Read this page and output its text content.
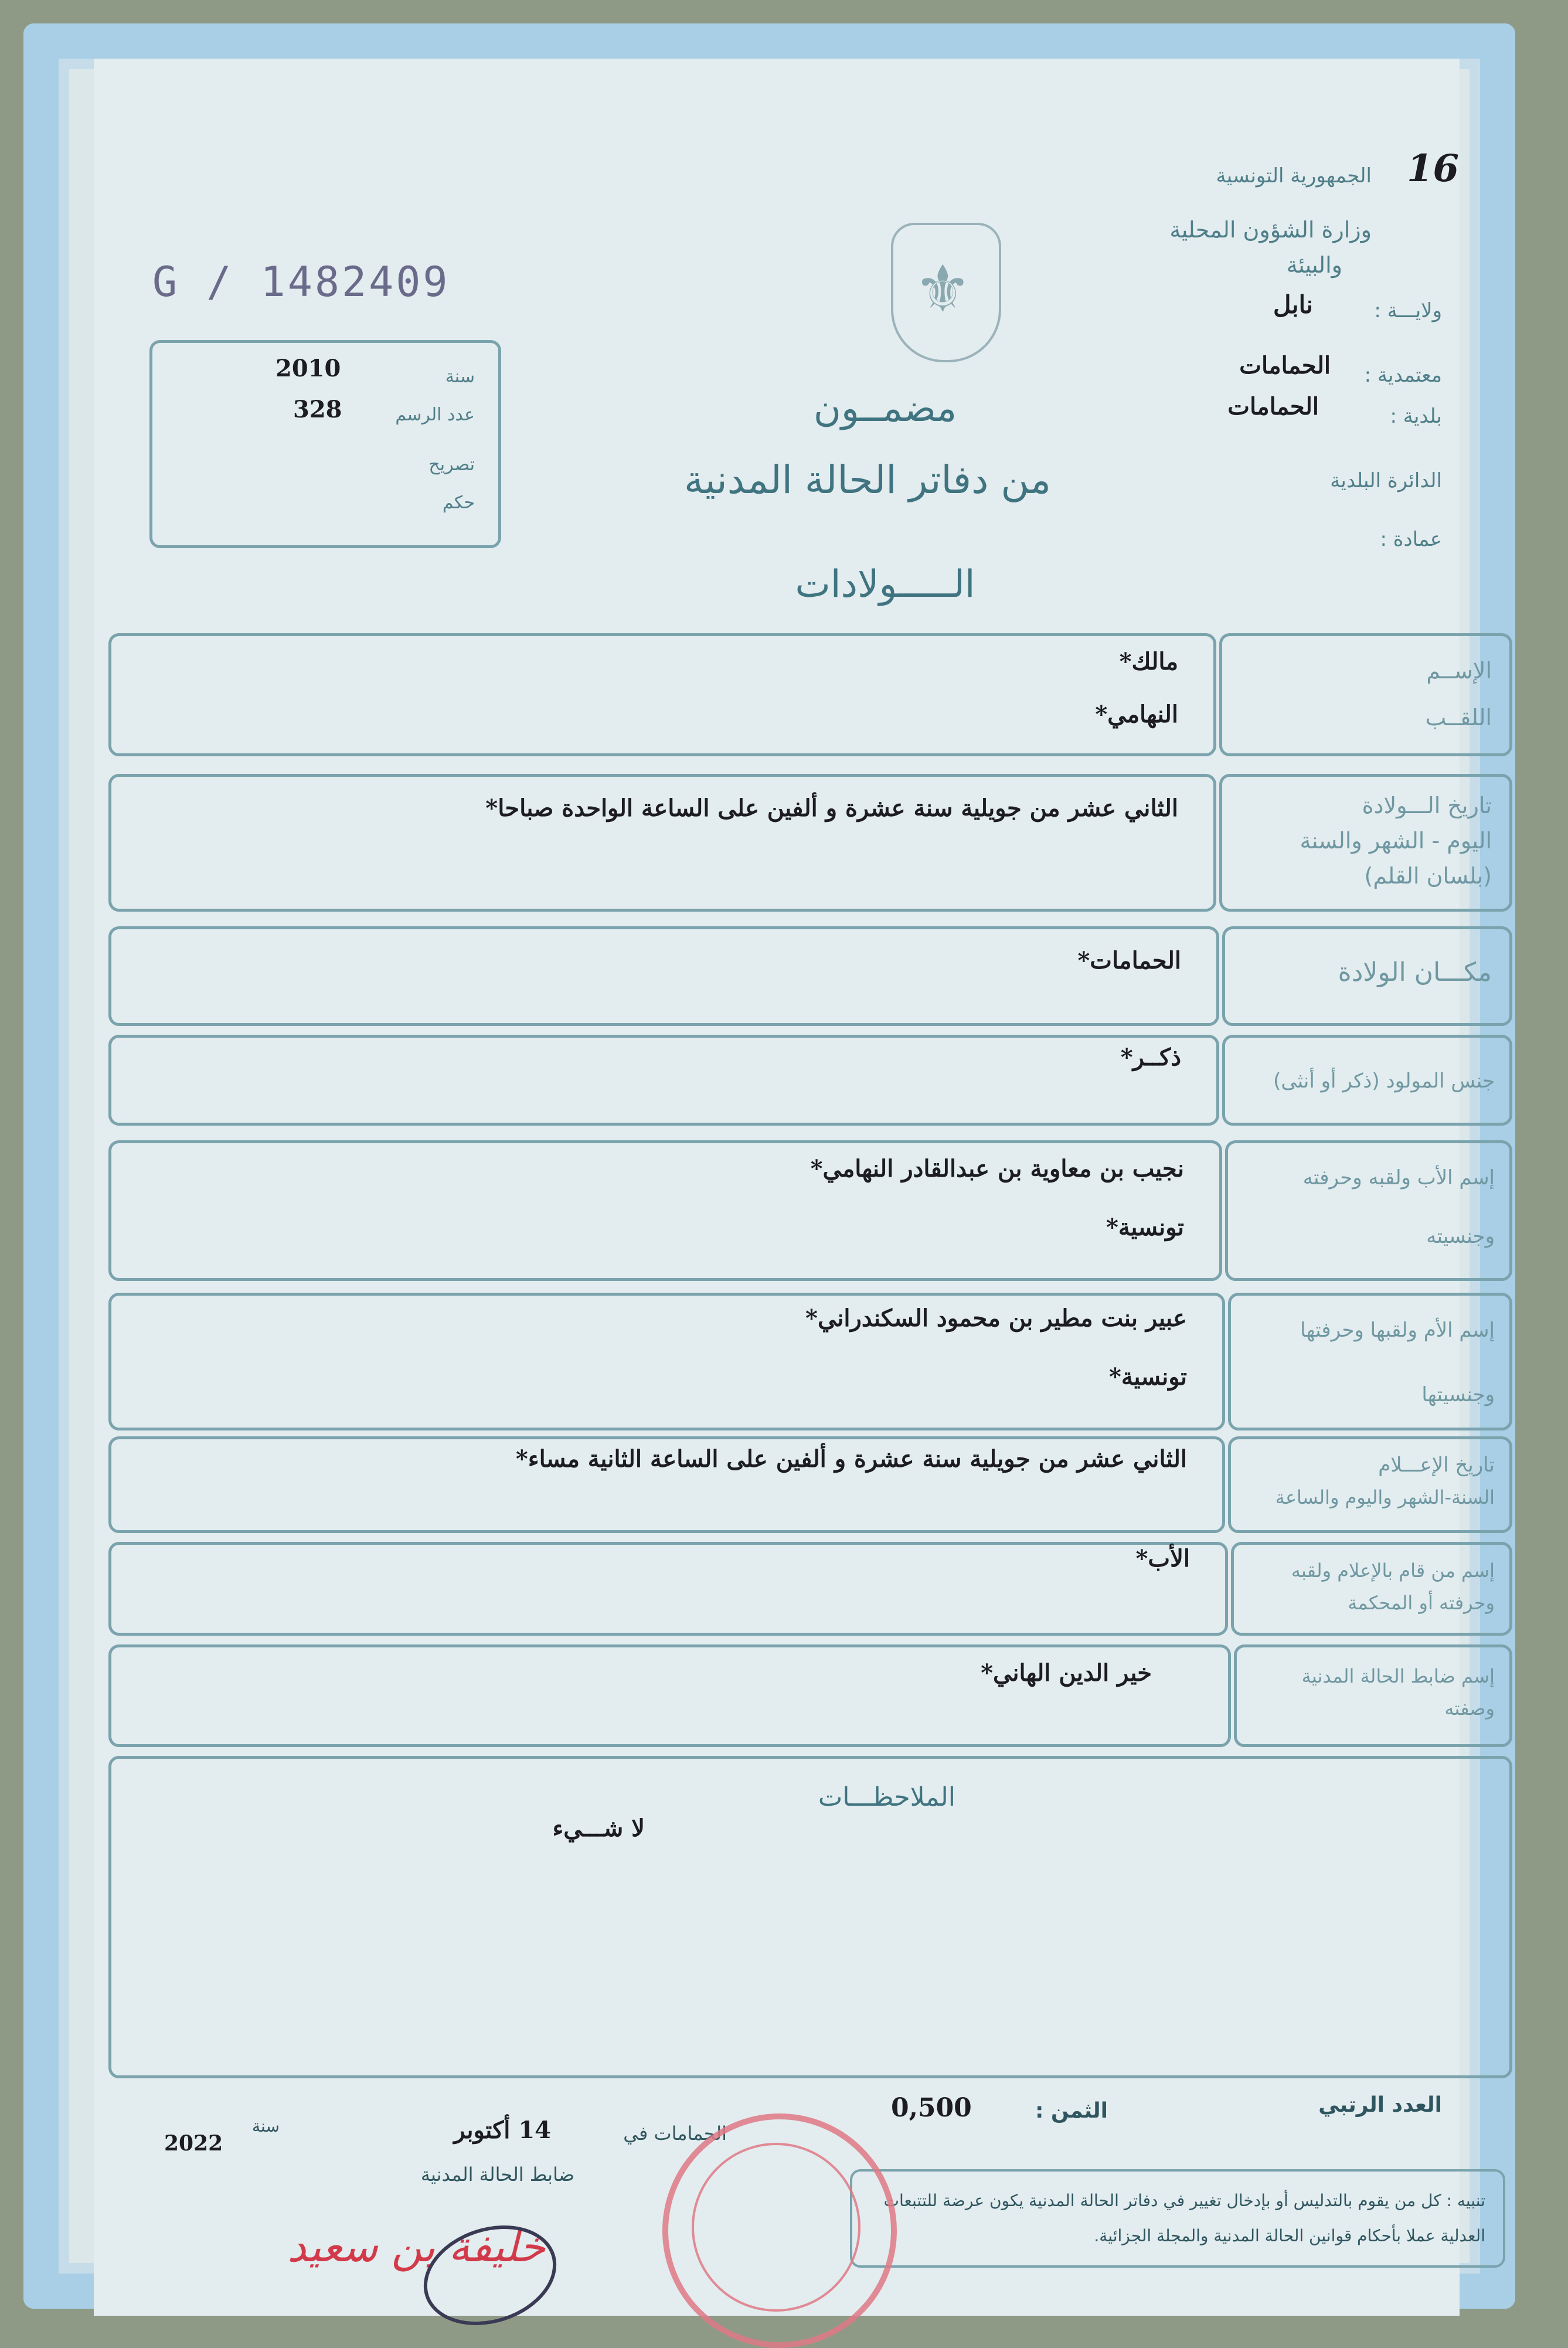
16
الجمهورية التونسية
وزارة الشؤون المحلية
والبيئة
ولايـــة :
نابل
معتمدية :
الحمامات
بلدية :
الحمامات
الدائرة البلدية
عمادة :
⚜
G / 1482409
سنة
2010
عدد الرسم
328
تصريح
حكم
مضمــون
من دفاتر الحالة المدنية
الـــــولادات
الإســم
اللقــب
مالك*
النهامي*
تاريخ الـــولادة
اليوم - الشهر والسنة
(بلسان القلم)
الثاني عشر من جويلية سنة عشرة و ألفين على الساعة الواحدة صباحا*
مكـــان الولادة
الحمامات*
جنس المولود (ذكر أو أنثى)
ذكــر*
إسم الأب ولقبه وحرفته
وجنسيته
نجيب بن معاوية بن عبدالقادر النهامي*
تونسية*
إسم الأم ولقبها وحرفتها
وجنسيتها
عبير بنت مطير بن محمود السكندراني*
تونسية*
تاريخ الإعـــلام
السنة-الشهر واليوم والساعة
الثاني عشر من جويلية سنة عشرة و ألفين على الساعة الثانية مساء*
إسم من قام بالإعلام ولقبه
وحرفته أو المحكمة
الأب*
إسم ضابط الحالة المدنية
وصفته
خير الدين الهاني*
الملاحظـــات
لا شـــيء
العدد الرتبي
الثمن :
0,500
الحمامات في
14 أكتوبر
سنة
2022
ضابط الحالة المدنية
تنبيه : كل من يقوم بالتدليس أو بإدخال تغيير في دفاتر الحالة المدنية يكون عرضة للتتبعات العدلية عملا بأحكام قوانين الحالة المدنية والمجلة الجزائية.
خليفة بن سعيد
